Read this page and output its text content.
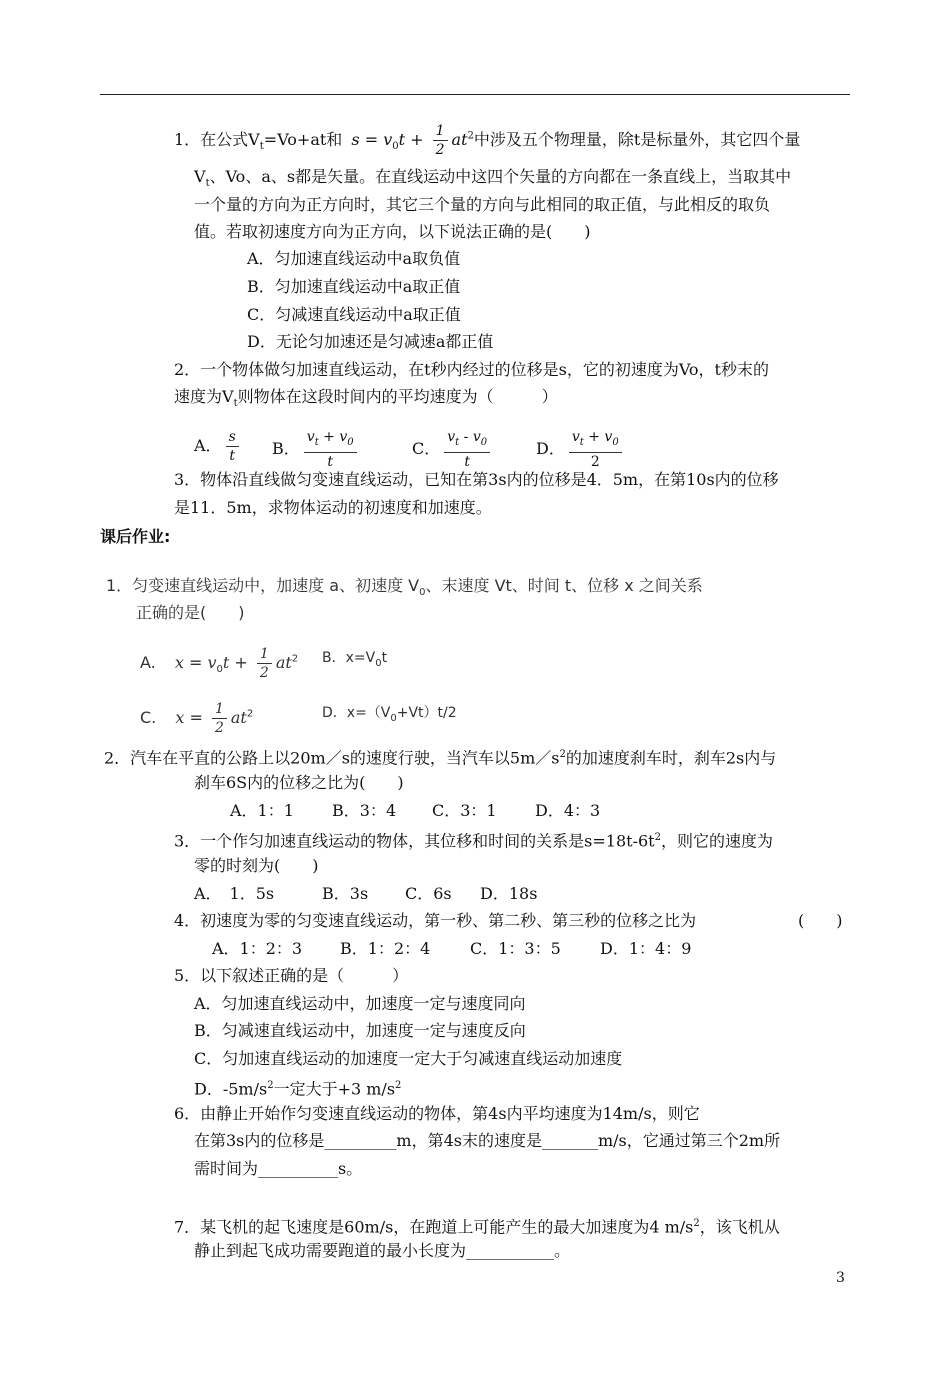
1．在公式$V_t=Vo+at$和 $s = v_0t + \frac{1}{2} at^2$中涉及五个物理量，除t是标量外，其它四个量
$V_t$、Vo、a、s都是矢量。在直线运动中这四个矢量的方向都在一条直线上，当取其中
一个量的方向为正方向时，其它三个量的方向与此相同的取正值，与此相反的取负
值。若取初速度方向为正方向，以下说法正确的是(　　)
A．匀加速直线运动中a取负值
B．匀加速直线运动中a取正值
C．匀减速直线运动中a取正值
D．无论匀加速还是匀减速a都正值
2．一个物体做匀加速直线运动，在t秒内经过的位移是s，它的初速度为Vo，t秒末的
速度为$V_t$则物体在这段时间内的平均速度为（　　　）
A． $\frac{s}{t}$ B． $\frac{v_t + v_0}{t}$	C． $\frac{v_t - v_0}{t}$	D． $\frac{v_t + v_0}{2}$
3．物体沿直线做匀变速直线运动，已知在第3s内的位移是4．5m，在第10s内的位移
是11．5m，求物体运动的初速度和加速度。
课后作业:
1．匀变速直线运动中，加速度 a、初速度 $V_0$、末速度 Vt、时间 t、位移 x 之间关系
正确的是(　　)
A. $x = v_0t + \frac{1}{2} at^2$ B．$x=V_0t$
C. $x = \frac{1}{2} at^2$	D．$x=(V_0+Vt)t/2$
2．汽车在平直的公路上以20m／s的速度行驶，当汽车以$5m/s^2$的加速度刹车时，刹车2s内与
刹车6S内的位移之比为(　　)
A．1：1 B．3：4 C．3：1 D．4：3
3．一个作匀加速直线运动的物体，其位移和时间的关系是$s=18t-6t^2$，则它的速度为
零的时刻为(　　)
A．　1．5s	B．3s C．6s D．18s
4．初速度为零的匀变速直线运动，第一秒、第二秒、第三秒的位移之比为	(　　)
A．1：2：3 B．1：2：4 C．1：3：5 D．1：4：9
5．以下叙述正确的是（　　　）
A．匀加速直线运动中，加速度一定与速度同向
B．匀减速直线运动中，加速度一定与速度反向
C．匀加速直线运动的加速度一定大于匀减速直线运动加速度
D．$-5m/s^2$一定大于+3 $m/s^2$
6．由静止开始作匀变速直线运动的物体，第4s内平均速度为14m/s，则它
在第3s内的位移是_________m，第4s末的速度是_______m/s，它通过第三个2m所
需时间为__________s。
7．某飞机的起飞速度是60m/s，在跑道上可能产生的最大加速度为4 $m/s^2$，该飞机从
静止到起飞成功需要跑道的最小长度为___________。
3
